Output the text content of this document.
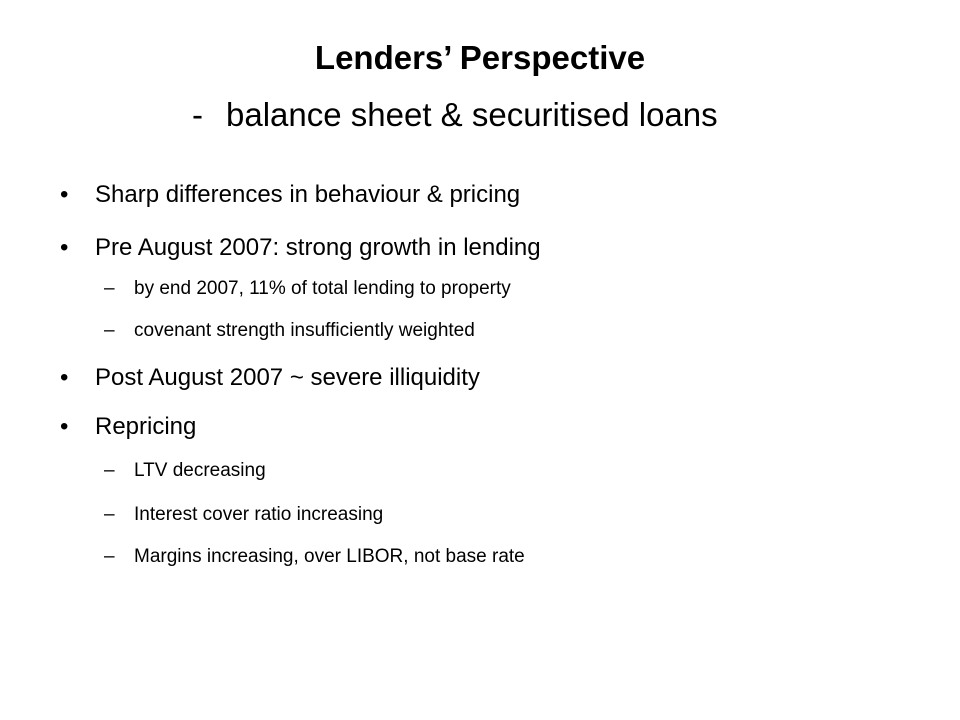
Lenders’ Perspective
- balance sheet & securitised loans
•	Sharp differences in behaviour & pricing
•	Pre August 2007: strong growth in lending
– by end 2007, 11% of total lending to property
– covenant strength insufficiently weighted
•	Post August 2007 ~ severe illiquidity
•	Repricing
– LTV decreasing
– Interest cover ratio increasing
– Margins increasing, over LIBOR, not base rate
